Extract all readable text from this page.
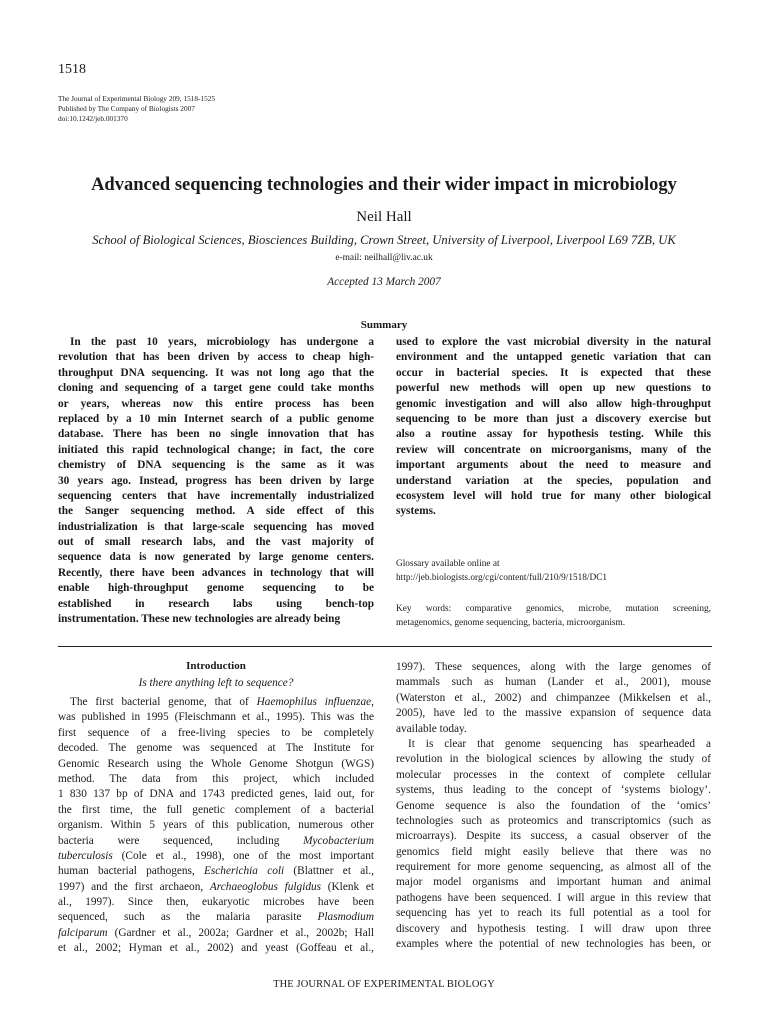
1518
The Journal of Experimental Biology 209, 1518-1525
Published by The Company of Biologists 2007
doi:10.1242/jeb.001370
Advanced sequencing technologies and their wider impact in microbiology
Neil Hall
School of Biological Sciences, Biosciences Building, Crown Street, University of Liverpool, Liverpool L69 7ZB, UK
e-mail: neilhall@liv.ac.uk
Accepted 13 March 2007
Summary
In the past 10 years, microbiology has undergone a
revolution that has been driven by access to cheap high-
throughput DNA sequencing. It was not long ago that the
cloning and sequencing of a target gene could take months
or years, whereas now this entire process has been
replaced by a 10 min Internet search of a public genome
database. There has been no single innovation that has
initiated this rapid technological change; in fact, the core
chemistry of DNA sequencing is the same as it was
30 years ago. Instead, progress has been driven by large
sequencing centers that have incrementally industrialized
the Sanger sequencing method. A side effect of this
industrialization is that large-scale sequencing has moved
out of small research labs, and the vast majority of
sequence data is now generated by large genome centers.
Recently, there have been advances in technology that will
enable high-throughput genome sequencing to be
established in research labs using bench-top
instrumentation. These new technologies are already being
used to explore the vast microbial diversity in the natural
environment and the untapped genetic variation that can
occur in bacterial species. It is expected that these
powerful new methods will open up new questions to
genomic investigation and will also allow high-throughput
sequencing to be more than just a discovery exercise but
also a routine assay for hypothesis testing. While this
review will concentrate on microorganisms, many of the
important arguments about the need to measure and
understand variation at the species, population and
ecosystem level will hold true for many other biological
systems.
Glossary available online at
http://jeb.biologists.org/cgi/content/full/210/9/1518/DC1
Key words: comparative genomics, microbe, mutation screening,
metagenomics, genome sequencing, bacteria, microorganism.
Introduction
Is there anything left to sequence?
The first bacterial genome, that of Haemophilus influenzae,
was published in 1995 (Fleischmann et al., 1995). This was the
first sequence of a free-living species to be completely
decoded. The genome was sequenced at The Institute for
Genomic Research using the Whole Genome Shotgun (WGS)
method. The data from this project, which included
1 830 137 bp of DNA and 1743 predicted genes, laid out, for
the first time, the full genetic complement of a bacterial
organism. Within 5 years of this publication, numerous other
bacteria were sequenced, including Mycobacterium
tuberculosis (Cole et al., 1998), one of the most important
human bacterial pathogens, Escherichia coli (Blattner et al.,
1997) and the first archaeon, Archaeoglobus fulgidus (Klenk et
al., 1997). Since then, eukaryotic microbes have been
sequenced, such as the malaria parasite Plasmodium
falciparum (Gardner et al., 2002a; Gardner et al., 2002b; Hall
et al., 2002; Hyman et al., 2002) and yeast (Goffeau et al.,
1997). These sequences, along with the large genomes of
mammals such as human (Lander et al., 2001), mouse
(Waterston et al., 2002) and chimpanzee (Mikkelsen et al.,
2005), have led to the massive expansion of sequence data
available today.
It is clear that genome sequencing has spearheaded a
revolution in the biological sciences by allowing the study of
molecular processes in the context of complete cellular
systems, thus leading to the concept of ‘systems biology’.
Genome sequence is also the foundation of the ‘omics’
technologies such as proteomics and transcriptomics (such as
microarrays). Despite its success, a casual observer of the
genomics field might easily believe that there was no
requirement for more genome sequencing, as almost all of the
major model organisms and important human and animal
pathogens have been sequenced. I will argue in this review that
sequencing has yet to reach its full potential as a tool for
discovery and hypothesis testing. I will draw upon three
examples where the potential of new technologies has been, or
THE JOURNAL OF EXPERIMENTAL BIOLOGY
